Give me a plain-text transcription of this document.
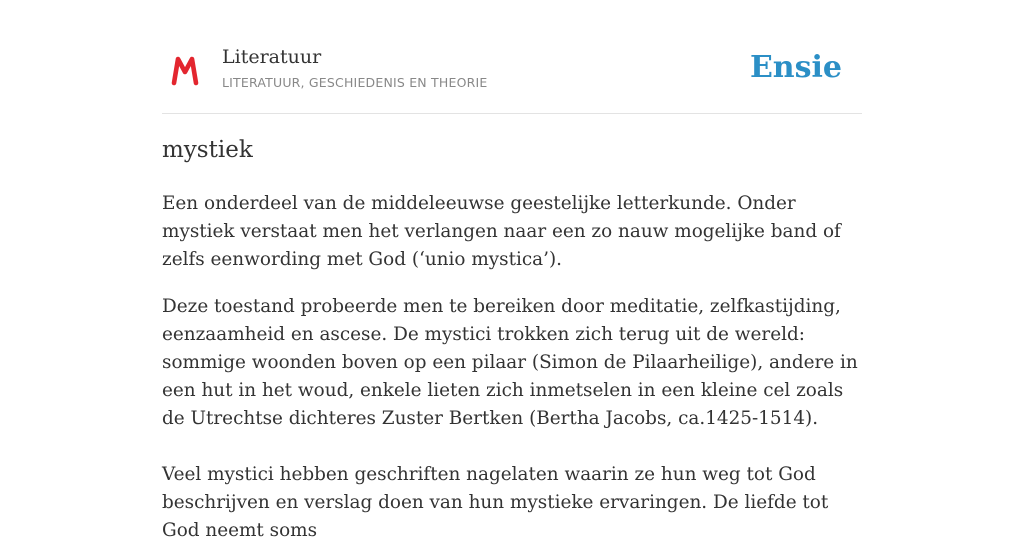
Literatuur
LITERATUUR, GESCHIEDENIS EN THEORIE	Ensie
mystiek

Een onderdeel van de middeleeuwse geestelijke letterkunde. Onder mystiek verstaat men het verlangen naar een zo nauw mogelijke band of zelfs eenwording met God (‘unio mystica’).

Deze toestand probeerde men te bereiken door meditatie, zelfkastijding, eenzaamheid en ascese. De mystici trokken zich terug uit de wereld: sommige woonden boven op een pilaar (Simon de Pilaarheilige), andere in een hut in het woud, enkele lieten zich inmetselen in een kleine cel zoals de Utrechtse dichteres Zuster Bertken (Bertha Jacobs, ca.1425-1514).

Veel mystici hebben geschriften nagelaten waarin ze hun weg tot God beschrijven en verslag doen van hun mystieke ervaringen. De liefde tot God neemt soms
